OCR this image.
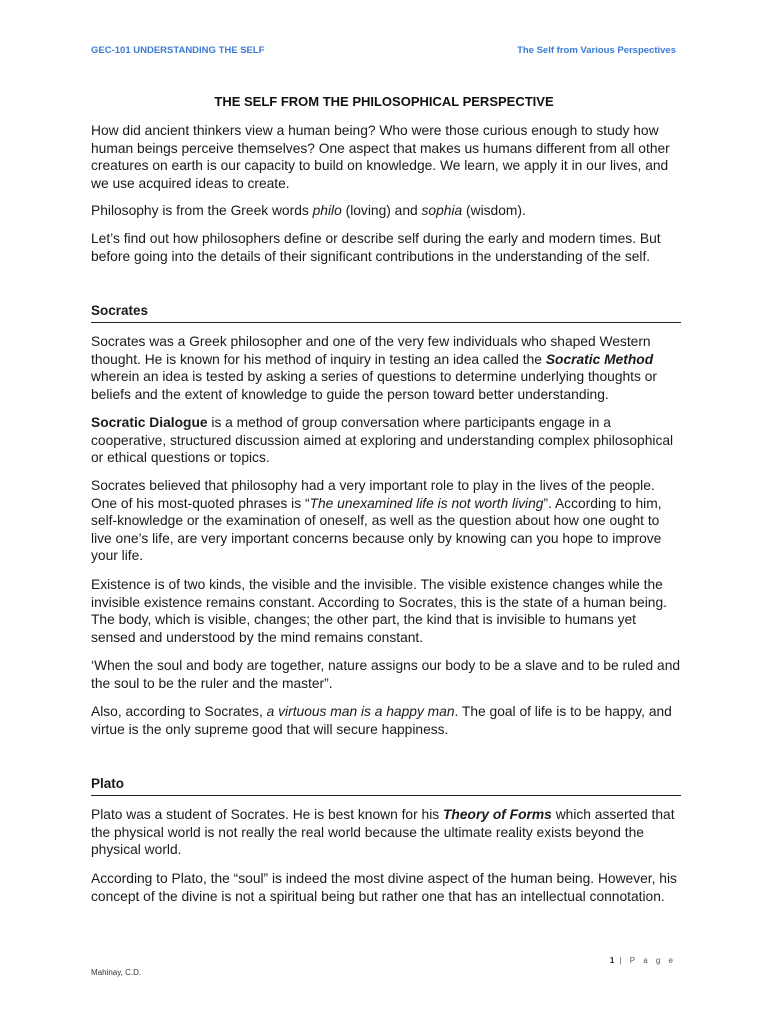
GEC-101 UNDERSTANDING THE SELF	The Self from Various Perspectives
THE SELF FROM THE PHILOSOPHICAL PERSPECTIVE

How did ancient thinkers view a human being? Who were those curious enough to study how human beings perceive themselves? One aspect that makes us humans different from all other creatures on earth is our capacity to build on knowledge. We learn, we apply it in our lives, and we use acquired ideas to create.

Philosophy is from the Greek words philo (loving) and sophia (wisdom).

Let’s find out how philosophers define or describe self during the early and modern times. But before going into the details of their significant contributions in the understanding of the self.

Socrates

Socrates was a Greek philosopher and one of the very few individuals who shaped Western thought. He is known for his method of inquiry in testing an idea called the Socratic Method wherein an idea is tested by asking a series of questions to determine underlying thoughts or beliefs and the extent of knowledge to guide the person toward better understanding.

Socratic Dialogue is a method of group conversation where participants engage in a cooperative, structured discussion aimed at exploring and understanding complex philosophical or ethical questions or topics.

Socrates believed that philosophy had a very important role to play in the lives of the people. One of his most-quoted phrases is “The unexamined life is not worth living”. According to him, self-knowledge or the examination of oneself, as well as the question about how one ought to live one’s life, are very important concerns because only by knowing can you hope to improve your life.

Existence is of two kinds, the visible and the invisible. The visible existence changes while the invisible existence remains constant. According to Socrates, this is the state of a human being. The body, which is visible, changes; the other part, the kind that is invisible to humans yet sensed and understood by the mind remains constant.

‘When the soul and body are together, nature assigns our body to be a slave and to be ruled and the soul to be the ruler and the master”.

Also, according to Socrates, a virtuous man is a happy man. The goal of life is to be happy, and virtue is the only supreme good that will secure happiness.

Plato

Plato was a student of Socrates. He is best known for his Theory of Forms which asserted that the physical world is not really the real world because the ultimate reality exists beyond the physical world.

According to Plato, the “soul” is indeed the most divine aspect of the human being. However, his concept of the divine is not a spiritual being but rather one that has an intellectual connotation.

1 | P a g e
Mahinay, C.D.
